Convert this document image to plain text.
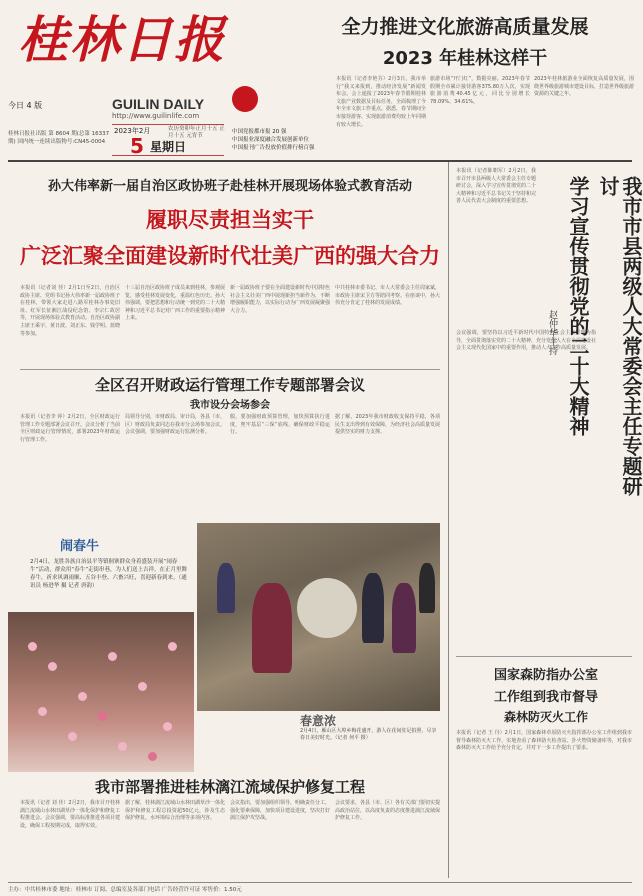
桂林日报
今日 4 版	GUILIN DAILY
http://www.guilinlife.com
桂林日报社出版 第 8604 期(总第 16337 期) 国内统一连续出版物号:CN45-0004
2023年2月	农历癸卯年正月十五 正月十五 元宵节
5 星期日
中国党报都市报 20 强
中国报业深度融合发展创新单位
中国报刊广告投放价值排行榜百强
全力推进文化旅游高质量发展
2023 年桂林这样干
本报讯（记者李艳芬）2月3日，我市举行“我又来报到，推动经济发展”新闻发布会。会上通报了2023年春节假期桂林文旅产业数据及目标任务，全面梳理了今年全市文旅工作重点。据悉，春节期间全市接待游客、实现旅游消费均较上年同期有较大增长。
旅游市场“开门红”，数据亮丽。2023年春节假期全市累计接待游客375.80万人次，实现旅游消费40.45亿元，同比分别增长78.09%、34.61%。
2023年桂林旅游业全面恢复高质量发展，围绕世界级旅游城市建设目标，打造世界级旅游资源的关键之年。
孙大伟率新一届自治区政协班子赴桂林开展现场体验式教育活动
履职尽责担当实干
广泛汇聚全面建设新时代壮美广西的强大合力
本报讯（记者刘 佳）2月1日至2日，自治区政协主席、党组书记孙大伟率新一届政协班子在桂林，带领大家走进八路军桂林办事处旧址、红军长征湘江战役纪念馆、李宗仁故居等，开展现场体验式教育活动。自治区政协副主席王乘宇、黄日波、刘正东、钱学明、蓝晓等参加。
十三届自治区政协班子成员来到桂林，参观展览，感受桂林发展变化，重温红色历史。孙大伟强调，要把思想和行动统一到党的二十大精神和习近平总书记对广西工作的重要指示精神上来。
新一届政协班子要在全面建设新时代中国特色社会主义壮美广西中展现新担当新作为，不断增强履职能力，以实际行动为广西发展凝聚强大合力。
中共桂林市委书记、市人大常委会主任周家斌，市政协主席宋卫方等陪同考察。在座谈中，孙大伟充分肯定了桂林的发展成绩。
全区召开财政运行管理工作专题部署会议
我市设分会场参会
本报讯（记者李 萍）2月2日，全区财政运行管理工作专题部署会议召开。会议分析了当前全区财政运行管理情况，部署2023年财政运行管理工作。
局领导分别，市财政局、审计局，各县（市、区）财政局负责同志在我市分会场参加会议。会议强调，要加强财政运行监测分析。
服，要加强财政预算管理，加快预算执行进度，兜牢基层“三保”底线，确保财政平稳运行。
据了解，2023年我市财政收支保持平稳，各项民生支出得到有效保障，为经济社会高质量发展提供坚实的财力支撑。
闹春牛
2月4日，龙胜各族自治县平等镇侗寨群众身着盛装开展“闹春牛”活动，群众用“春牛”走街串巷，为人们送上吉祥。在正月里舞春牛，祈求风调雨顺、五谷丰登、六畜兴旺，喜迎新春到来。（通讯员 杨进华 摄 记者 唐韵）
春意浓
2月4日，雁山区大埠乡梅花盛开，游人在花间驻足拍照，尽享春日美好时光。（记者 何平 摄）
我市部署推进桂林漓江流域保护修复工程
本报讯（记者 刘 佳）2月2日，我市召开桂林漓江流域山水林田湖草沙一体化保护和修复工程推进会。会议强调，要高标准推进各项目建设，确保工程按期完成，取得实效。
据了解，桂林漓江流域山水林田湖草沙一体化保护和修复工程总投资超50亿元，涉及生态保护修复、水环境综合治理等多项内容。
会议指出，要加强组织领导，明确责任分工，强化要素保障，加快项目建设进度，坚决打好漓江保护攻坚战。
会议要求，各县（市、区）各有关部门要切实提高政治站位，以高度负责的态度推进漓江流域保护修复工作。
本报讯（记者陈朝军）2月2日，我市召开市县两级人大常委会主任专题研讨会，深入学习宣传贯彻党的二十大精神和习近平总书记关于坚持和完善人民代表大会制度的重要思想。
会议强调，要坚持以习近平新时代中国特色社会主义思想为指导，全面贯彻落实党的二十大精神，充分发挥人大在全面建设社会主义现代化国家中的重要作用，推动人大工作高质量发展。	我市市县两级人大常委会主任专题研讨
学习宣传贯彻党的二十大精神
赵仲华主持
国家森防指办公室
工作组到我市督导
森林防灭火工作
本报讯（记者 王 丹）2月1日，国家森林草原防灭火指挥部办公室工作组到我市督导森林防灭火工作，实地查看了森林防火检查站、扑火物资储备库等，对我市森林防灭火工作给予充分肯定，并对下一步工作提出了要求。
主办：中共桂林市委 地址：桂林市 订阅、总编室及各部门电话 广告经营许可证 零售价：1.50元
